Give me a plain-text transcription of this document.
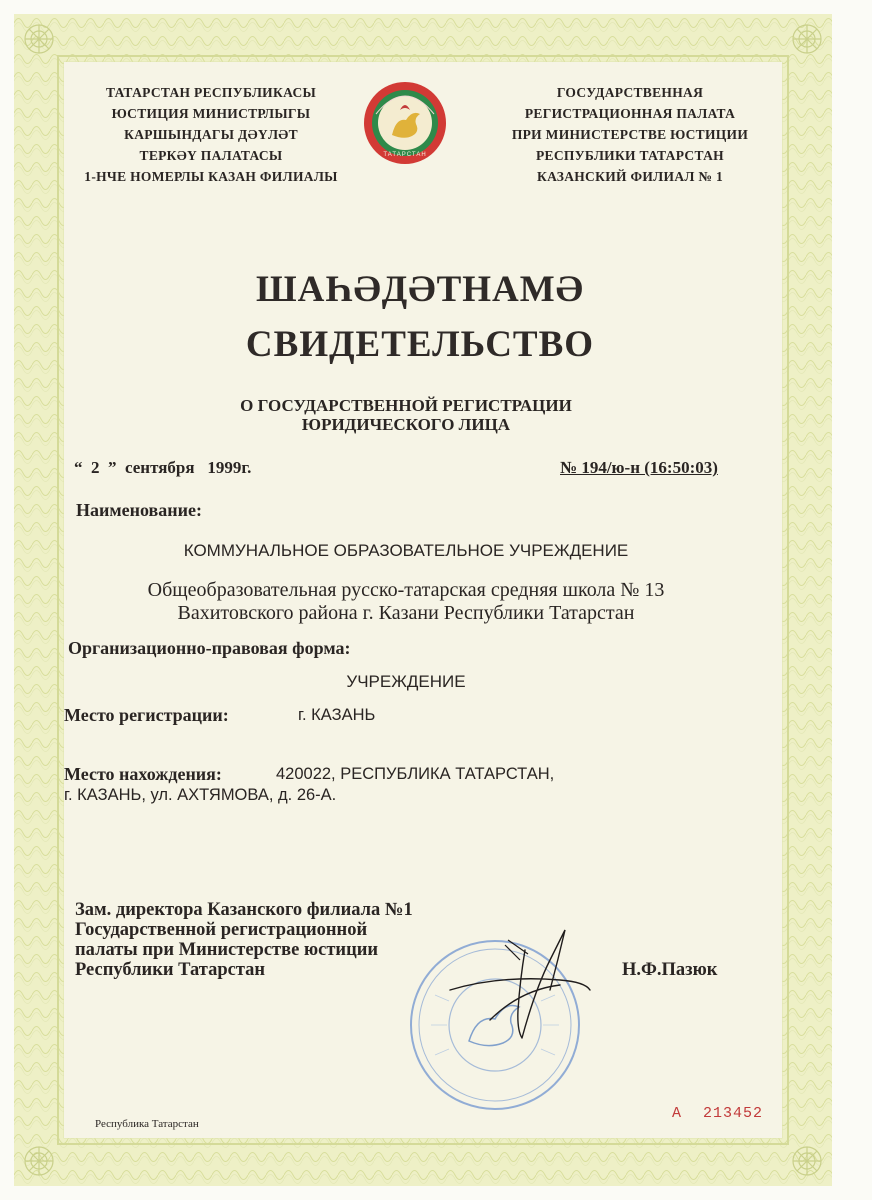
ТАТАРСТАН РЕСПУБЛИКАСЫ
ЮСТИЦИЯ МИНИСТРЛЫГЫ
КАРШЫНДАГЫ ДӘҮЛӘТ
ТЕРКӘҮ ПАЛАТАСЫ
1-НЧЕ НОМЕРЛЫ КАЗАН ФИЛИАЛЫ
ТАТАРСТАН
ГОСУДАРСТВЕННАЯ
РЕГИСТРАЦИОННАЯ ПАЛАТА
ПРИ МИНИСТЕРСТВЕ ЮСТИЦИИ
РЕСПУБЛИКИ ТАТАРСТАН
КАЗАНСКИЙ ФИЛИАЛ № 1
ШАҺӘДӘТНАМӘ
СВИДЕТЕЛЬСТВО
О ГОСУДАРСТВЕННОЙ РЕГИСТРАЦИИ
ЮРИДИЧЕСКОГО ЛИЦА
“  2  ”  сентября   1999г.	№ 194/ю-н (16:50:03)
Наименование:
КОММУНАЛЬНОЕ ОБРАЗОВАТЕЛЬНОЕ УЧРЕЖДЕНИЕ
Общеобразовательная русско-татарская средняя школа № 13
Вахитовского района г. Казани Республики Татарстан
Организационно-правовая форма:
УЧРЕЖДЕНИЕ
Место регистрации:	г. КАЗАНЬ
Место нахождения:	420022, РЕСПУБЛИКА ТАТАРСТАН,
г. КАЗАНЬ, ул. АХТЯМОВА, д. 26-А.
Зам. директора Казанского филиала №1
Государственной регистрационной
палаты при Министерстве юстиции
Республики Татарстан	Н.Ф.Пазюк
Республика Татарстан
А 213452
